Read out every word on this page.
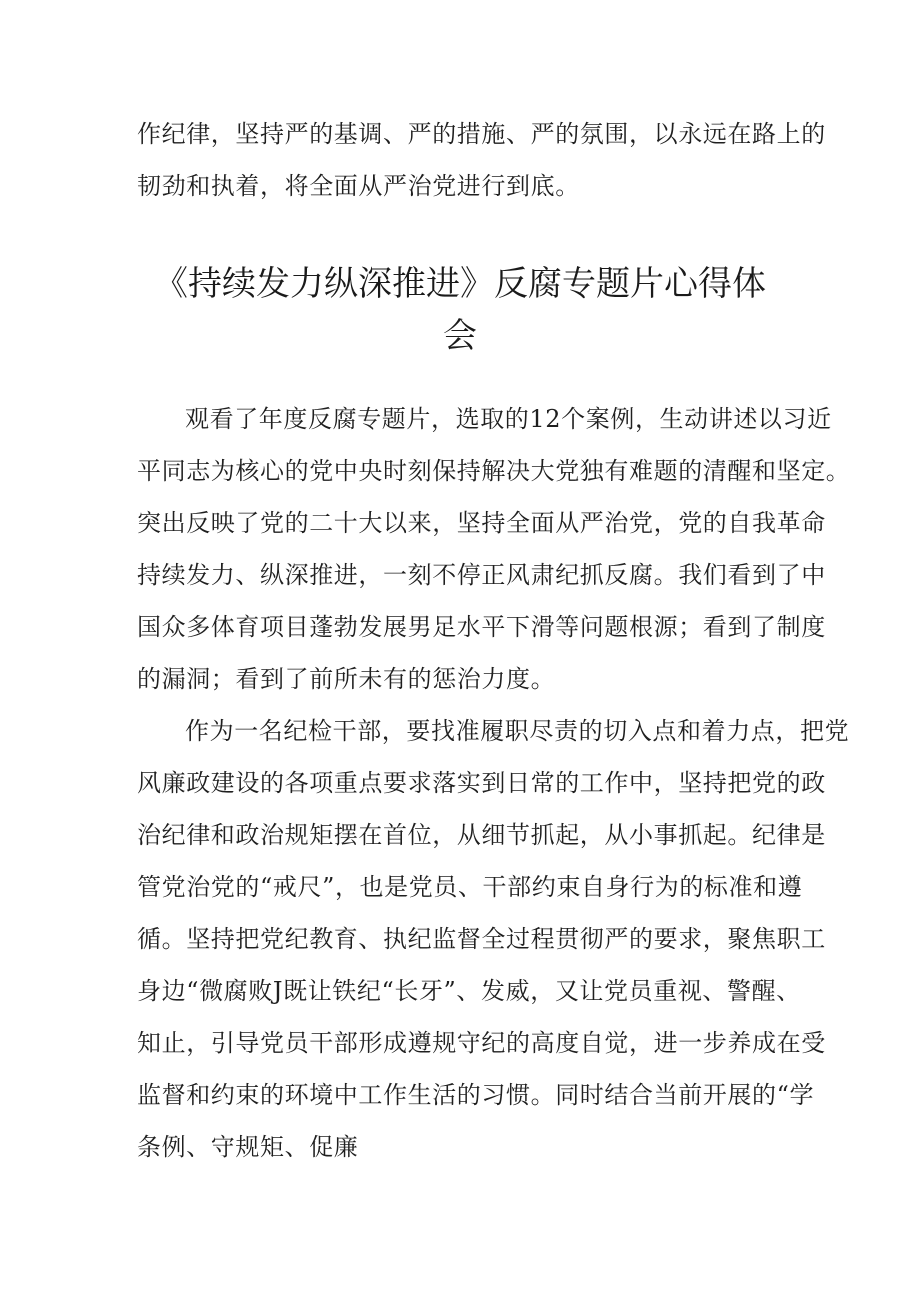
作纪律，坚持严的基调、严的措施、严的氛围，以永远在路上的
韧劲和执着，将全面从严治党进行到底。
《持续发力纵深推进》反腐专题片心得体
会
观看了年度反腐专题片，选取的12个案例，生动讲述以习近
平同志为核心的党中央时刻保持解决大党独有难题的清醒和坚定。
突出反映了党的二十大以来，坚持全面从严治党，党的自我革命
持续发力、纵深推进，一刻不停正风肃纪抓反腐。我们看到了中
国众多体育项目蓬勃发展男足水平下滑等问题根源；看到了制度
的漏洞；看到了前所未有的惩治力度。
作为一名纪检干部，要找准履职尽责的切入点和着力点，把党
风廉政建设的各项重点要求落实到日常的工作中，坚持把党的政
治纪律和政治规矩摆在首位，从细节抓起，从小事抓起。纪律是
管党治党的“戒尺”，也是党员、干部约束自身行为的标准和遵
循。坚持把党纪教育、执纪监督全过程贯彻严的要求，聚焦职工
身边“微腐败J既让铁纪“长牙”、发威，又让党员重视、警醒、
知止，引导党员干部形成遵规守纪的高度自觉，进一步养成在受
监督和约束的环境中工作生活的习惯。同时结合当前开展的“学
条例、守规矩、促廉
